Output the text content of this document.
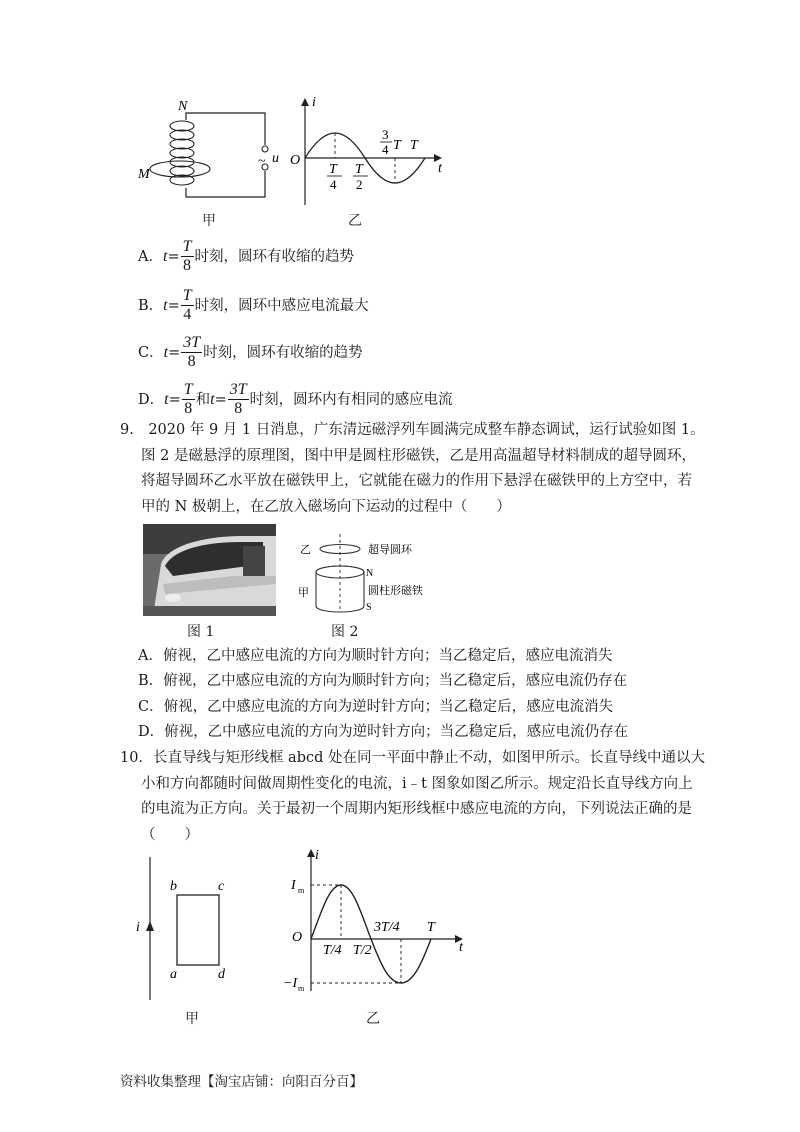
N
M
~ u
甲
i
t
O
T
4
T
2
3
4 T T
乙
A． $t = \frac{T}{8}$ 时刻，圆环有收缩的趋势
B． $t = \frac{T}{4}$ 时刻，圆环中感应电流最大
C． $t = \frac{3T}{8}$ 时刻，圆环有收缩的趋势
D． $t = \frac{T}{8}$ 和 $t = \frac{3T}{8}$ 时刻，圆环内有相同的感应电流
9.　2020 年 9 月 1 日消息，广东清远磁浮列车圆满完成整车静态调试，运行试验如图 1。
图 2 是磁悬浮的原理图，图中甲是圆柱形磁铁，乙是用高温超导材料制成的超导圆环，
将超导圆环乙水平放在磁铁甲上，它就能在磁力的作用下悬浮在磁铁甲的上方空中，若
甲的 N 极朝上，在乙放入磁场向下运动的过程中（　　）
图 1
乙	超导圆环
N
甲	圆柱形磁铁
S
图 2
A．俯视，乙中感应电流的方向为顺时针方向；当乙稳定后，感应电流消失
B．俯视，乙中感应电流的方向为顺时针方向；当乙稳定后，感应电流仍存在
C．俯视，乙中感应电流的方向为逆时针方向；当乙稳定后，感应电流消失
D．俯视，乙中感应电流的方向为逆时针方向；当乙稳定后，感应电流仍存在
10．长直导线与矩形线框 abcd 处在同一平面中静止不动，如图甲所示。长直导线中通以大
小和方向都随时间做周期性变化的电流，i﹣t 图象如图乙所示。规定沿长直导线方向上
的电流为正方向。关于最初一个周期内矩形线框中感应电流的方向，下列说法正确的是
（　　）
i
b	c
a	d
甲
i
t
O
I m
−I m
T/4 T/2
3T/4 T
乙
资料收集整理【淘宝店铺：向阳百分百】
